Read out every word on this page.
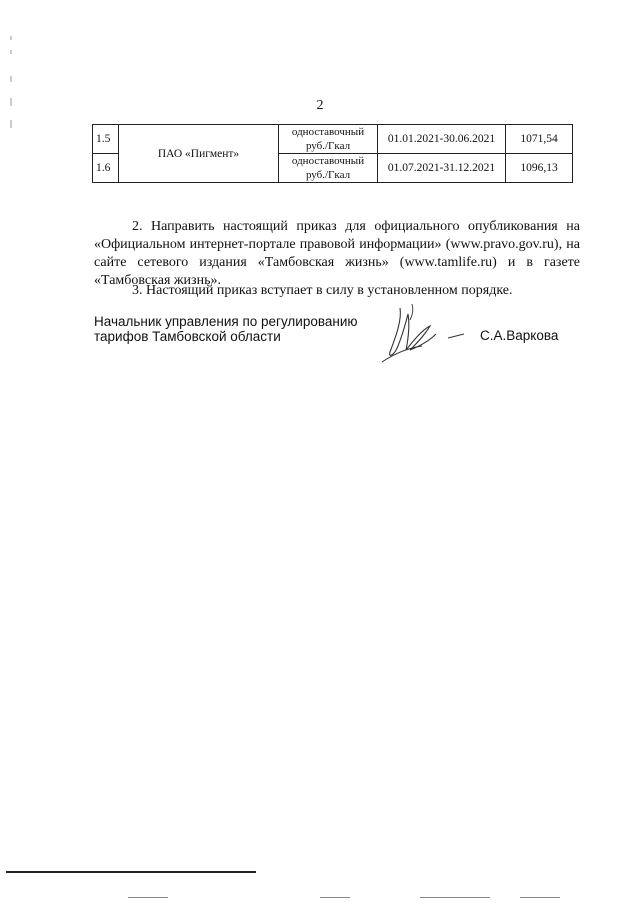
2
1.5	ПАО «Пигмент»	одноставочный руб./Гкал	01.01.2021-30.06.2021	1071,54
1.6		одноставочный руб./Гкал	01.07.2021-31.12.2021	1096,13

2. Направить настоящий приказ для официального опубликования на «Официальном интернет-портале правовой информации» (www.pravo.gov.ru), на сайте сетевого издания «Тамбовская жизнь» (www.tamlife.ru) и в газете «Тамбовская жизнь».

3. Настоящий приказ вступает в силу в установленном порядке.

Начальник управления по регулированию
тарифов Тамбовской области	С.А.Варкова
